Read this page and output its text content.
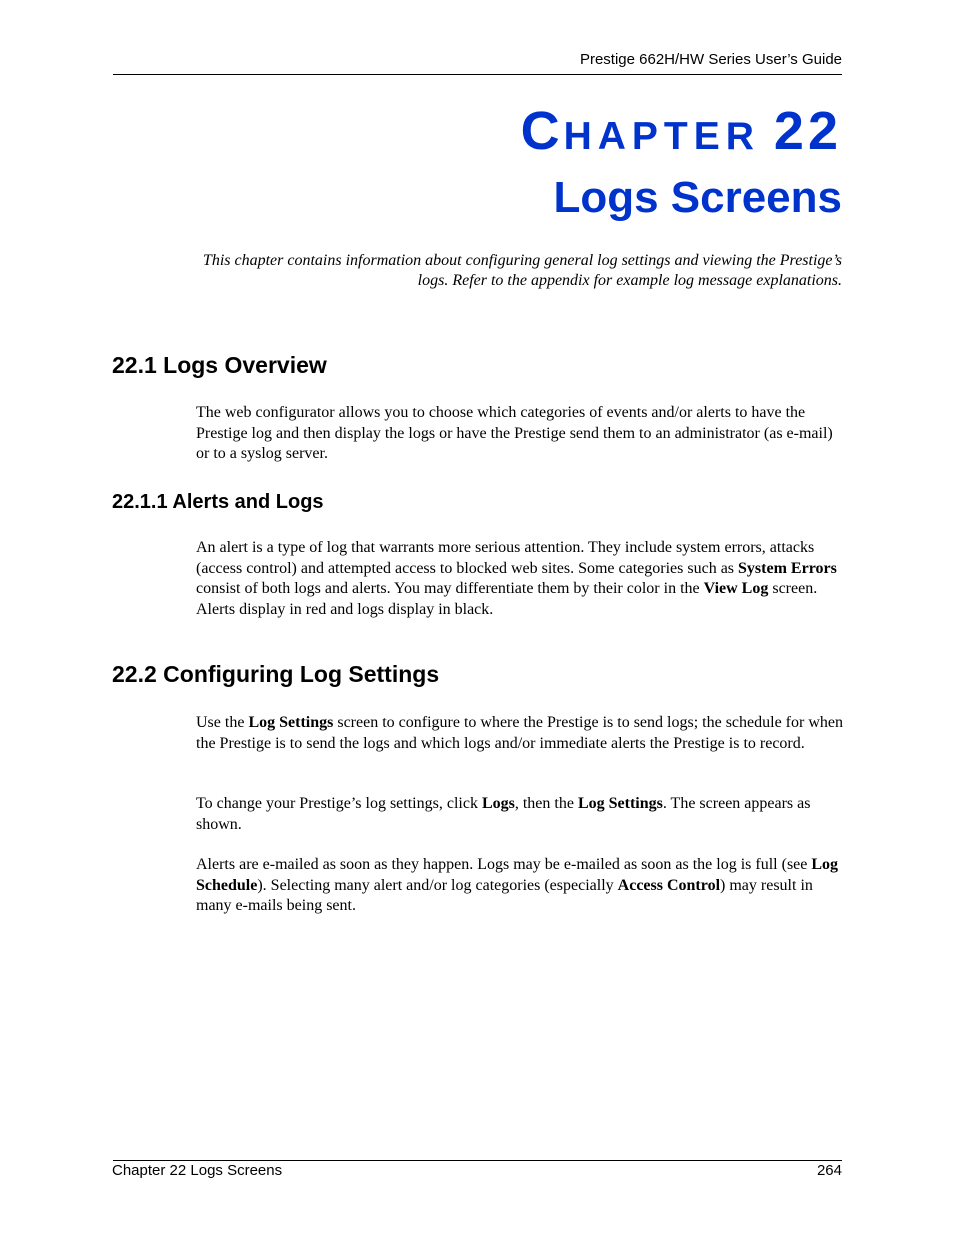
Prestige 662H/HW Series User’s Guide
CHAPTER 22
Logs Screens
This chapter contains information about configuring general log settings and viewing the Prestige’s logs. Refer to the appendix for example log message explanations.
22.1 Logs Overview
The web configurator allows you to choose which categories of events and/or alerts to have the Prestige log and then display the logs or have the Prestige send them to an administrator (as e-mail) or to a syslog server.
22.1.1 Alerts and Logs
An alert is a type of log that warrants more serious attention. They include system errors, attacks (access control) and attempted access to blocked web sites. Some categories such as System Errors consist of both logs and alerts. You may differentiate them by their color in the View Log screen. Alerts display in red and logs display in black.
22.2 Configuring Log Settings
Use the Log Settings screen to configure to where the Prestige is to send logs; the schedule for when the Prestige is to send the logs and which logs and/or immediate alerts the Prestige is to record.
To change your Prestige’s log settings, click Logs, then the Log Settings. The screen appears as shown.
Alerts are e-mailed as soon as they happen. Logs may be e-mailed as soon as the log is full (see Log Schedule). Selecting many alert and/or log categories (especially Access Control) may result in many e-mails being sent.
Chapter 22 Logs Screens	264
